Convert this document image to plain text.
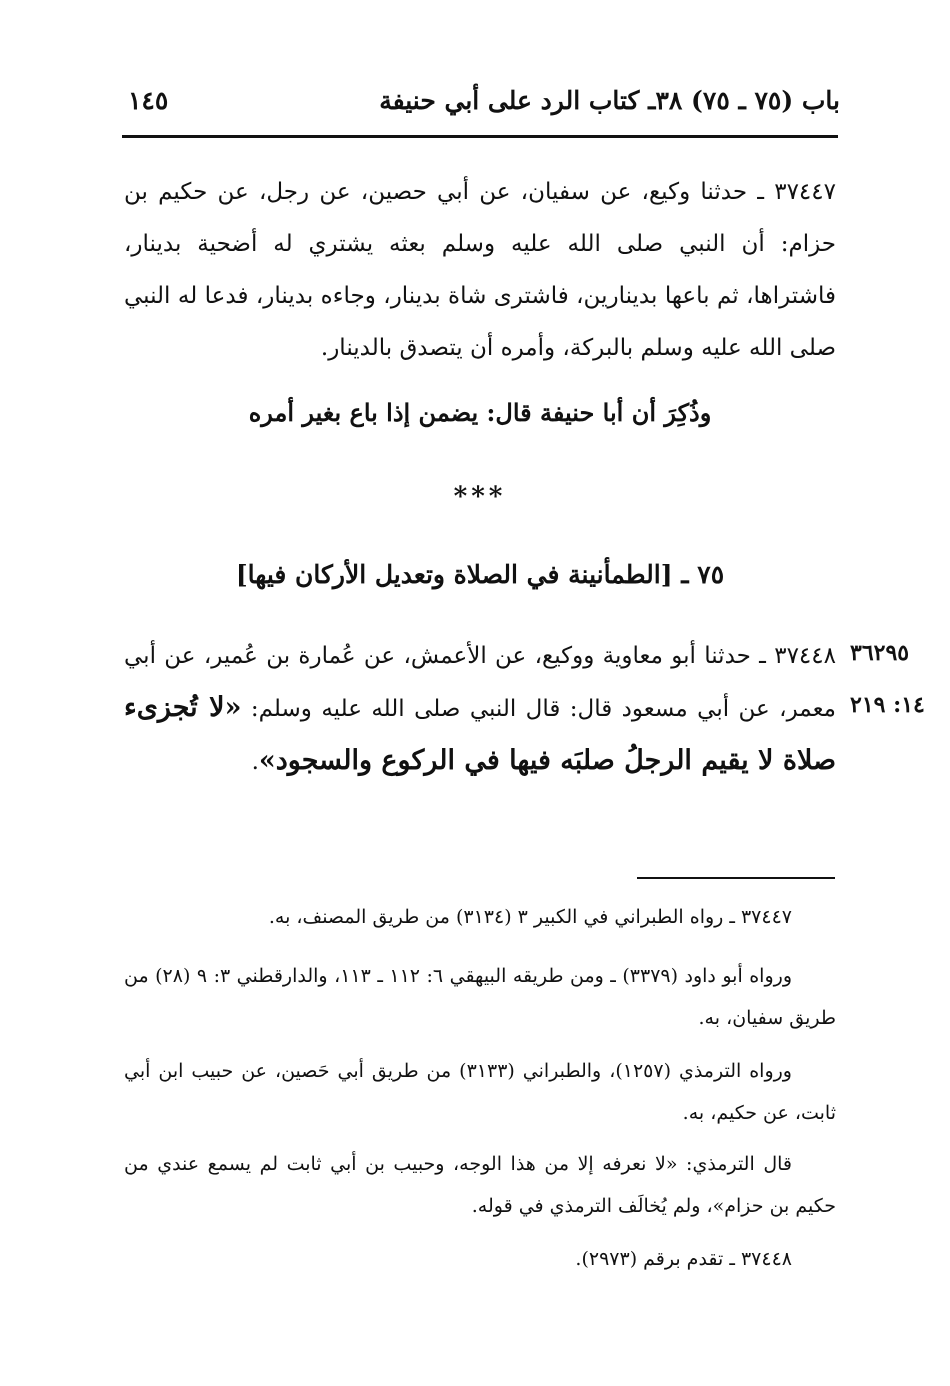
باب (٧٥ ـ ٧٥) ٣٨ـ كتاب الرد على أبي حنيفة
١٤٥
٣٧٤٤٧ ـ حدثنا وكيع، عن سفيان، عن أبي حصين، عن رجل، عن حكيم بن حزام: أن النبي صلى الله عليه وسلم بعثه يشتري له أضحية بدينار، فاشتراها، ثم باعها بدينارين، فاشترى شاة بدينار، وجاءه بدينار، فدعا له النبي صلى الله عليه وسلم بالبركة، وأمره أن يتصدق بالدينار.
وذُكِرَ أن أبا حنيفة قال: يضمن إذا باع بغير أمره
***
٧٥ ـ [الطمأنينة في الصلاة وتعديل الأركان فيها]
٣٦٢٩٥
١٤: ٢١٩
٣٧٤٤٨ ـ حدثنا أبو معاوية ووكيع، عن الأعمش، عن عُمارة بن عُمير، عن أبي معمر، عن أبي مسعود قال: قال النبي صلى الله عليه وسلم: «لا تُجزىء صلاة لا يقيم الرجلُ صلبَه فيها في الركوع والسجود».
٣٧٤٤٧ ـ رواه الطبراني في الكبير ٣ (٣١٣٤) من طريق المصنف، به.
ورواه أبو داود (٣٣٧٩) ـ ومن طريقه البيهقي ٦: ١١٢ ـ ١١٣، والدارقطني ٣: ٩ (٢٨) من طريق سفيان، به.
ورواه الترمذي (١٢٥٧)، والطبراني (٣١٣٣) من طريق أبي حَصين، عن حبيب ابن أبي ثابت، عن حكيم، به.
قال الترمذي: «لا نعرفه إلا من هذا الوجه، وحبيب بن أبي ثابت لم يسمع عندي من حكيم بن حزام»، ولم يُخالَف الترمذي في قوله.
٣٧٤٤٨ ـ تقدم برقم (٢٩٧٣).
